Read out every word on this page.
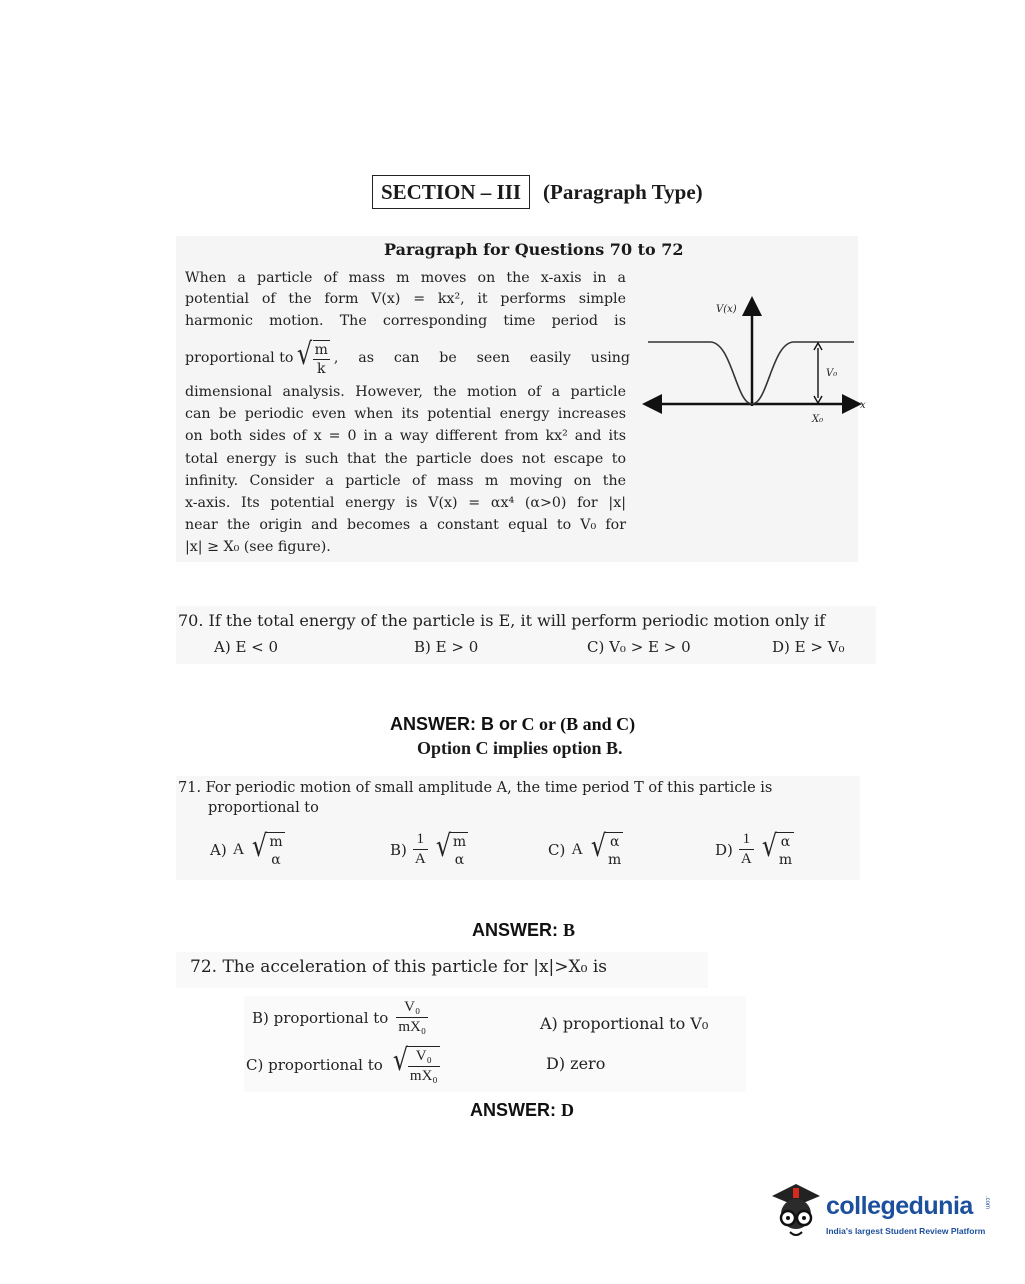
SECTION – III	(Paragraph Type)
Paragraph for Questions 70 to 72
When a particle of mass m moves on the x-axis in a
potential of the form V(x) = kx², it performs simple
harmonic motion. The corresponding time period is
proportional to √ $\frac{m}{k}$ , as can be seen easily using
dimensional analysis. However, the motion of a particle
can be periodic even when its potential energy increases
on both sides of x = 0 in a way different from kx² and its
total energy is such that the particle does not escape to
infinity. Consider a particle of mass m moving on the
x-axis. Its potential energy is V(x) = αx⁴ (α>0) for |x|
near the origin and becomes a constant equal to V₀ for
|x| ≥ X₀ (see figure).
V(x)
V₀
X₀
x
70. If the total energy of the particle is E, it will perform periodic motion only if
A) E < 0	B) E > 0	C) V₀ > E > 0	D) E > V₀
ANSWER: B or C or (B and C)
Option C implies option B.
71. For periodic motion of small amplitude A, the time period T of this particle is
proportional to
A) A √ m
α
$B) \frac{1}{A}$ √ m
α
C) A √ α
m
$D) \frac{1}{A}$ √ α
m
ANSWER: B
72. The acceleration of this particle for |x|>X₀ is
B) proportional to $\frac{\text{V₀}}{\text{mX₀}}$
C) proportional to √ $\frac{\text{V₀}}{\text{mX₀}}$
A) proportional to V₀
D) zero
ANSWER: D
collegedunia .com
India's largest Student Review Platform
